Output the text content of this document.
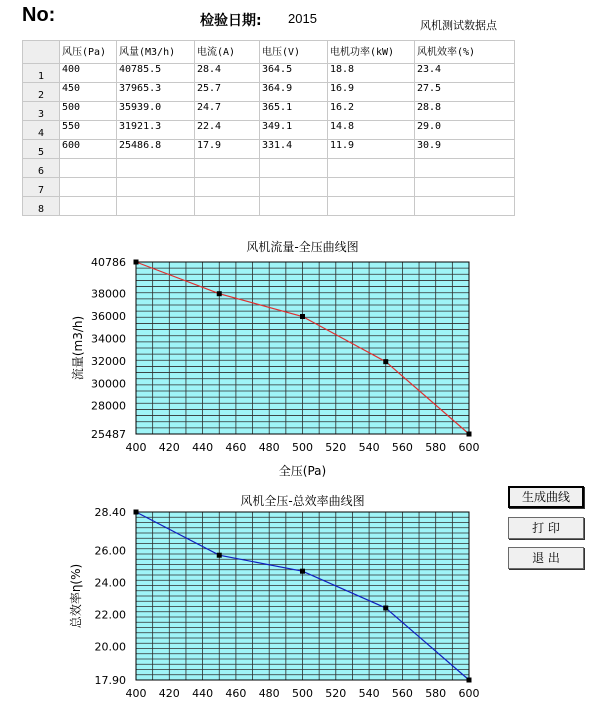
No:	检验日期: 2015	风机测试数据点
	风压(Pa)	风量(M3/h)	电流(A)	电压(V)	电机功率(kW)	风机效率(%)
1	400	40785.5	28.4	364.5	18.8	23.4
2	450	37965.3	25.7	364.9	16.9	27.5
3	500	35939.0	24.7	365.1	16.2	28.8
4	550	31921.3	22.4	349.1	14.8	29.0
5	600	25486.8	17.9	331.4	11.9	30.9
6						
7						
8						
400 420 440 460 480 500 520 540 560 580 600
40786
38000
36000
34000
32000
30000
28000
25487
风机流量-全压曲线图
全压(Pa)
流量(m3/h)
400 420 440 460 480 500 520 540 560 580 600
28.40
26.00
24.00
22.00
20.00
17.90
风机全压-总效率曲线图
总效率η(%)
生成曲线
打 印
退 出
